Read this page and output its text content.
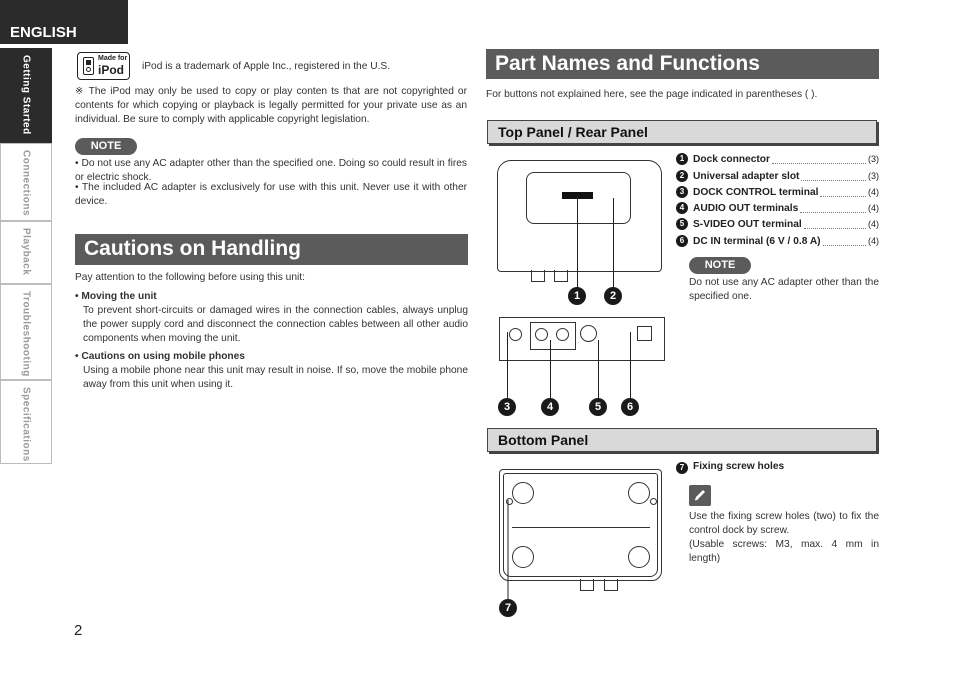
ENGLISH
Getting Started
Connections
Playback
Troubleshooting
Specifications
Made for
iPod iPod is a trademark of Apple Inc., registered in the U.S.
※ The iPod may only be used to copy or play conten ts that are not copyrighted or contents for which copying or playback is legally permitted for your private use as an individual. Be sure to comply with applicable copyright legislation.
NOTE
• Do not use any AC adapter other than the specified one. Doing so could result in fires or electric shock.
• The included AC adapter is exclusively for use with this unit. Never use it with other device.
Cautions on Handling
Pay attention to the following before using this unit:
• Moving the unit
To prevent short-circuits or damaged wires in the connection cables, always unplug the power supply cord and disconnect the connection cables between all other audio components when moving the unit.
• Cautions on using mobile phones
Using a mobile phone near this unit may result in noise. If so, move the mobile phone away from this unit when using it.
2
Part Names and Functions
For buttons not explained here, see the page indicated in parentheses ( ).
Top Panel / Rear Panel
1	2
3	4	5	6
1 Dock connector	(3)
2 Universal adapter slot	(3)
3 DOCK CONTROL terminal	(4)
4 AUDIO OUT terminals	(4)
5 S-VIDEO OUT terminal	(4)
6 DC IN terminal (6 V / 0.8 A)	(4)
NOTE
Do not use any AC adapter other than the specified one.
Bottom Panel
7
7 Fixing screw holes
Use the fixing screw holes (two) to fix the control dock by screw.
(Usable screws: M3, max. 4 mm in length)
